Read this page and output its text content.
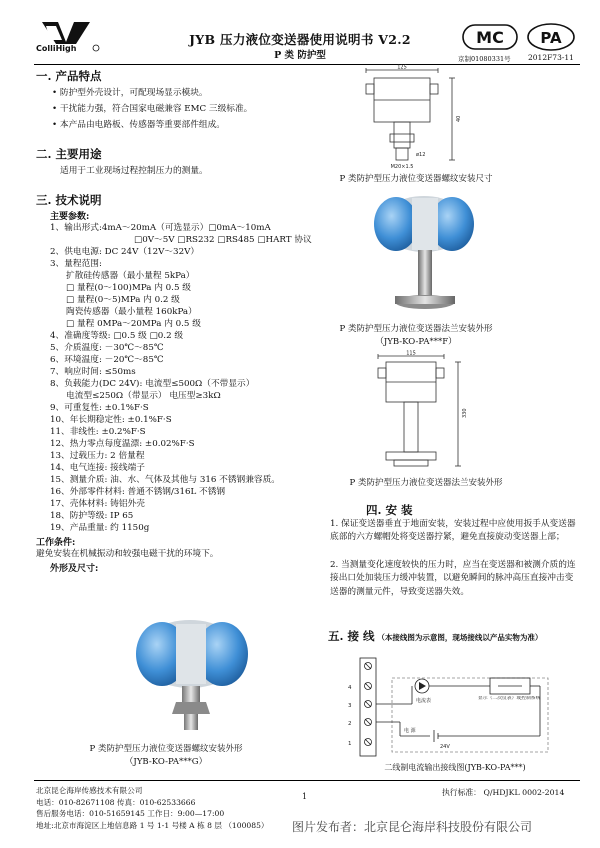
ColliHigh
JYB 压力液位变送器使用说明书 V2.2
P 类 防护型
MC PA
京制01080331号 2012F73-11
一. 产品特点
• 防护型外壳设计，可配现场显示模块。
• 干扰能力强，符合国家电磁兼容 EMC 三级标准。
• 本产品由电路板、传感器等重要部件组成。
二. 主要用途
适用于工业现场过程控制压力的测量。
三. 技术说明
主要参数:
1、输出形式:4mA～20mA（可选显示）□0mA～10mA
□0V～5V □RS232 □RS485 □HART 协议
2、供电电源: DC 24V（12V～32V）
3、量程范围:
扩散硅传感器（最小量程 5kPa）
□ 量程(0～100)MPa 内 0.5 级
□ 量程(0～5)MPa 内 0.2 级
陶瓷传感器（最小量程 160kPa）
□ 量程 0MPa～20MPa 内 0.5 级
4、准确度等级: □0.5 级 □0.2 级
5、介质温度: －30℃～85℃
6、环境温度: －20℃～85℃
7、响应时间: ≤50ms
8、负载能力(DC 24V): 电流型≤500Ω（不带显示）
电流型≤250Ω（带显示） 电压型≥3kΩ
9、可重复性: ±0.1%F·S
10、年长期稳定性: ±0.1%F·S
11、非线性: ±0.2%F·S
12、热力零点每度温漂: ±0.02%F·S
13、过载压力: 2 倍量程
14、电气连接: 接线端子
15、测量介质: 油、水、气体及其他与 316 不锈钢兼容质。
16、外部零件材料: 普通不锈钢/316L 不锈钢
17、壳体材料: 铸铝外壳
18、防护等级: IP 65
19、产品重量: 约 1150g
工作条件:
避免安装在机械振动和较强电磁干扰的环境下。
外形及尺寸:
P 类防护型压力液位变送器螺纹安装外形
（JYB-KO-PA***G）
125
M20×1.5
ø12
40
P 类防护型压力液位变送器螺纹安装尺寸
P 类防护型压力液位变送器法兰安装外形
（JYB-KO-PA***F）
115
330
P 类防护型压力液位变送器法兰安装外形
四. 安 装
1. 保证变送器垂直于地面安装，安装过程中应使用扳手从变送器底部的六方螺帽处将变送器拧紧，避免直接旋动变送器上部；
2. 当测量变化速度较快的压力时，应当在变送器和被测介质的连接出口处加装压力缓冲装置，以避免瞬间的脉冲高压直接冲击变送器的测量元件，导致变送器失效。
五. 接 线 （本接线图为示意图，现场接线以产品实物为准）
4
3
2
1
电流表	显示（二次仪表）或控制系统
电 源
24V
二线制电流输出接线图(JYB-KO-PA***)
北京昆仑海岸传感技术有限公司
电话：010-82671108 传真：010-62533666
售后服务电话：010-51659145 工作日：9:00—17:00
地址:北京市海淀区上地信息路 1 号 1-1 号楼 A 栋 8 层 （100085）
1	执行标准： Q/HDJKL 0002-2014
图片发布者：北京昆仑海岸科技股份有限公司
